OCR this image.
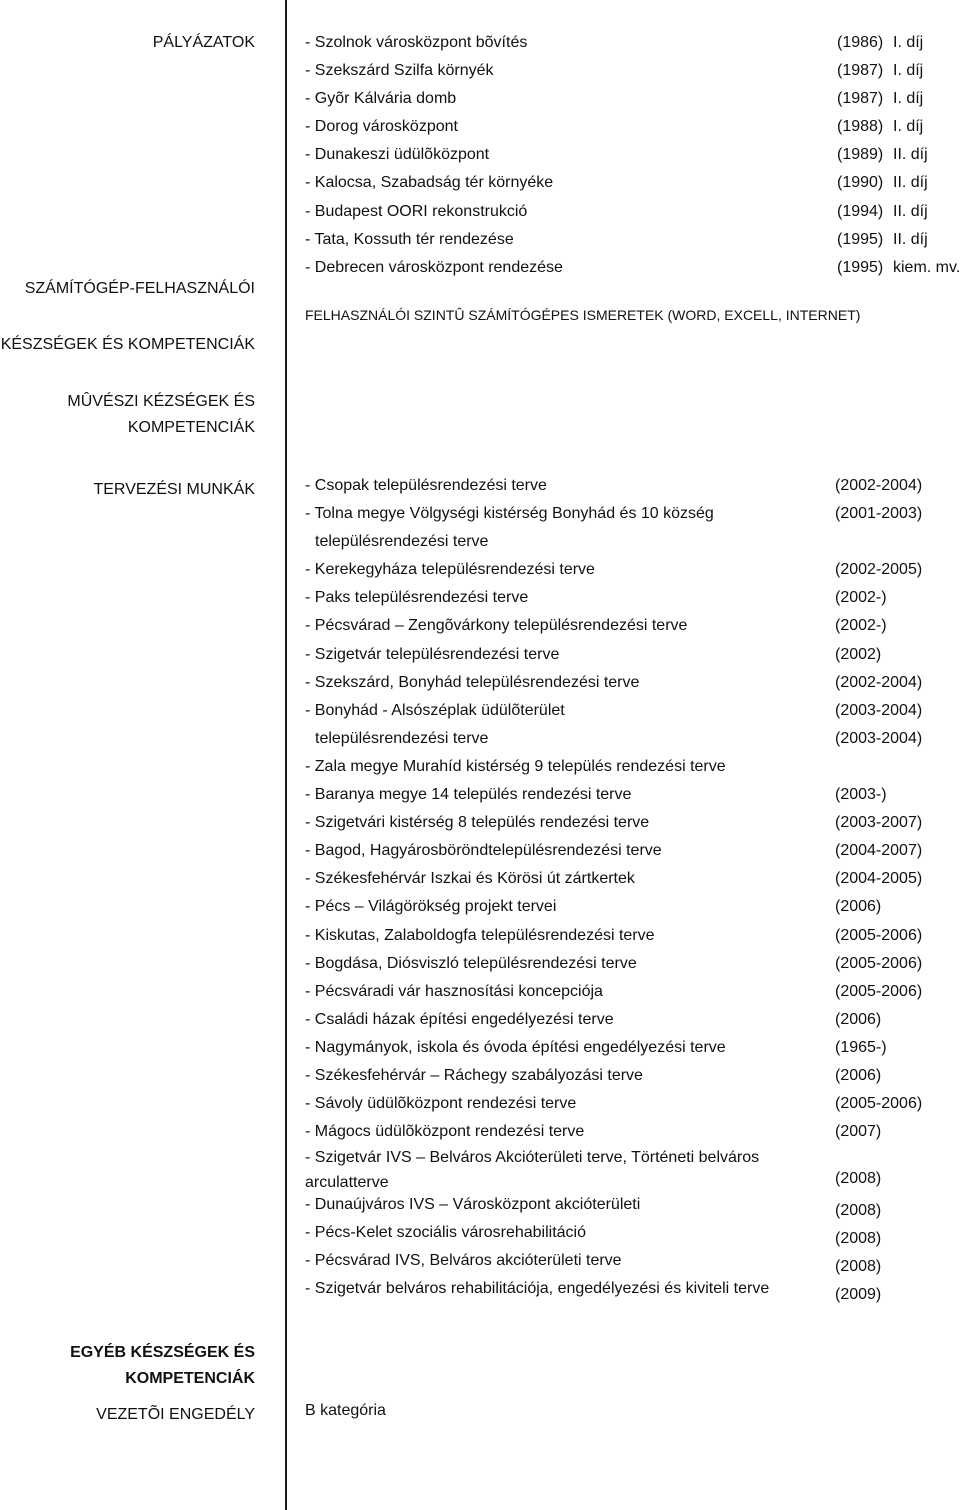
PÁLYÁZATOK	- Szolnok városközpont bõvítés	(1986) I. díj
- Szekszárd Szilfa környék	(1987) I. díj
- Gyõr Kálvária domb	(1987) I. díj
- Dorog városközpont	(1988) I. díj
- Dunakeszi üdülõközpont	(1989) II. díj
- Kalocsa, Szabadság tér környéke	(1990) II. díj
- Budapest OORI rekonstrukció	(1994) II. díj
- Tata, Kossuth tér rendezése	(1995) II. díj
- Debrecen városközpont rendezése	(1995) kiem. mv.
SZÁMÍTÓGÉP-FELHASZNÁLÓI
KÉSZSÉGEK ÉS KOMPETENCIÁK
FELHASZNÁLÓI SZINTÛ SZÁMÍTÓGÉPES ISMERETEK (WORD, EXCELL, INTERNET)
MÛVÉSZI KÉZSÉGEK ÉS
KOMPETENCIÁK
TERVEZÉSI MUNKÁK	- Csopak településrendezési terve	(2002-2004)
- Tolna megye Völgységi kistérség Bonyhád és 10 község	(2001-2003)
településrendezési terve
- Kerekegyháza településrendezési terve	(2002-2005)
- Paks településrendezési terve	(2002-)
- Pécsvárad – Zengõvárkony településrendezési terve	(2002-)
- Szigetvár településrendezési terve	(2002)
- Szekszárd, Bonyhád településrendezési terve	(2002-2004)
- Bonyhád - Alsószéplak üdülõterület	(2003-2004)
településrendezési terve	(2003-2004)
- Zala megye Murahíd kistérség 9 település rendezési terve
- Baranya megye 14 település rendezési terve	(2003-)
- Szigetvári kistérség 8 település rendezési terve	(2003-2007)
- Bagod, Hagyárosböröndtelepülésrendezési terve	(2004-2007)
- Székesfehérvár Iszkai és Körösi út zártkertek	(2004-2005)
- Pécs – Világörökség projekt tervei	(2006)
- Kiskutas, Zalaboldogfa településrendezési terve	(2005-2006)
- Bogdása, Diósviszló településrendezési terve	(2005-2006)
- Pécsváradi vár hasznosítási koncepciója	(2005-2006)
- Családi házak építési engedélyezési terve	(2006)
- Nagymányok, iskola és óvoda építési engedélyezési terve	(1965-)
- Székesfehérvár – Ráchegy szabályozási terve	(2006)
- Sávoly üdülõközpont rendezési terve	(2005-2006)
- Mágocs üdülõközpont rendezési terve	(2007)
- Szigetvár IVS – Belváros Akcióterületi terve, Történeti belváros arculatterve	(2008)
- Dunaújváros IVS – Városközpont akcióterületi	(2008)
- Pécs-Kelet szociális városrehabilitáció	(2008)
- Pécsvárad IVS, Belváros akcióterületi terve	(2008)
- Szigetvár belváros rehabilitációja, engedélyezési és kiviteli terve	(2009)
EGYÉB KÉSZSÉGEK ÉS
KOMPETENCIÁK
VEZETÕI ENGEDÉLY	B kategória
